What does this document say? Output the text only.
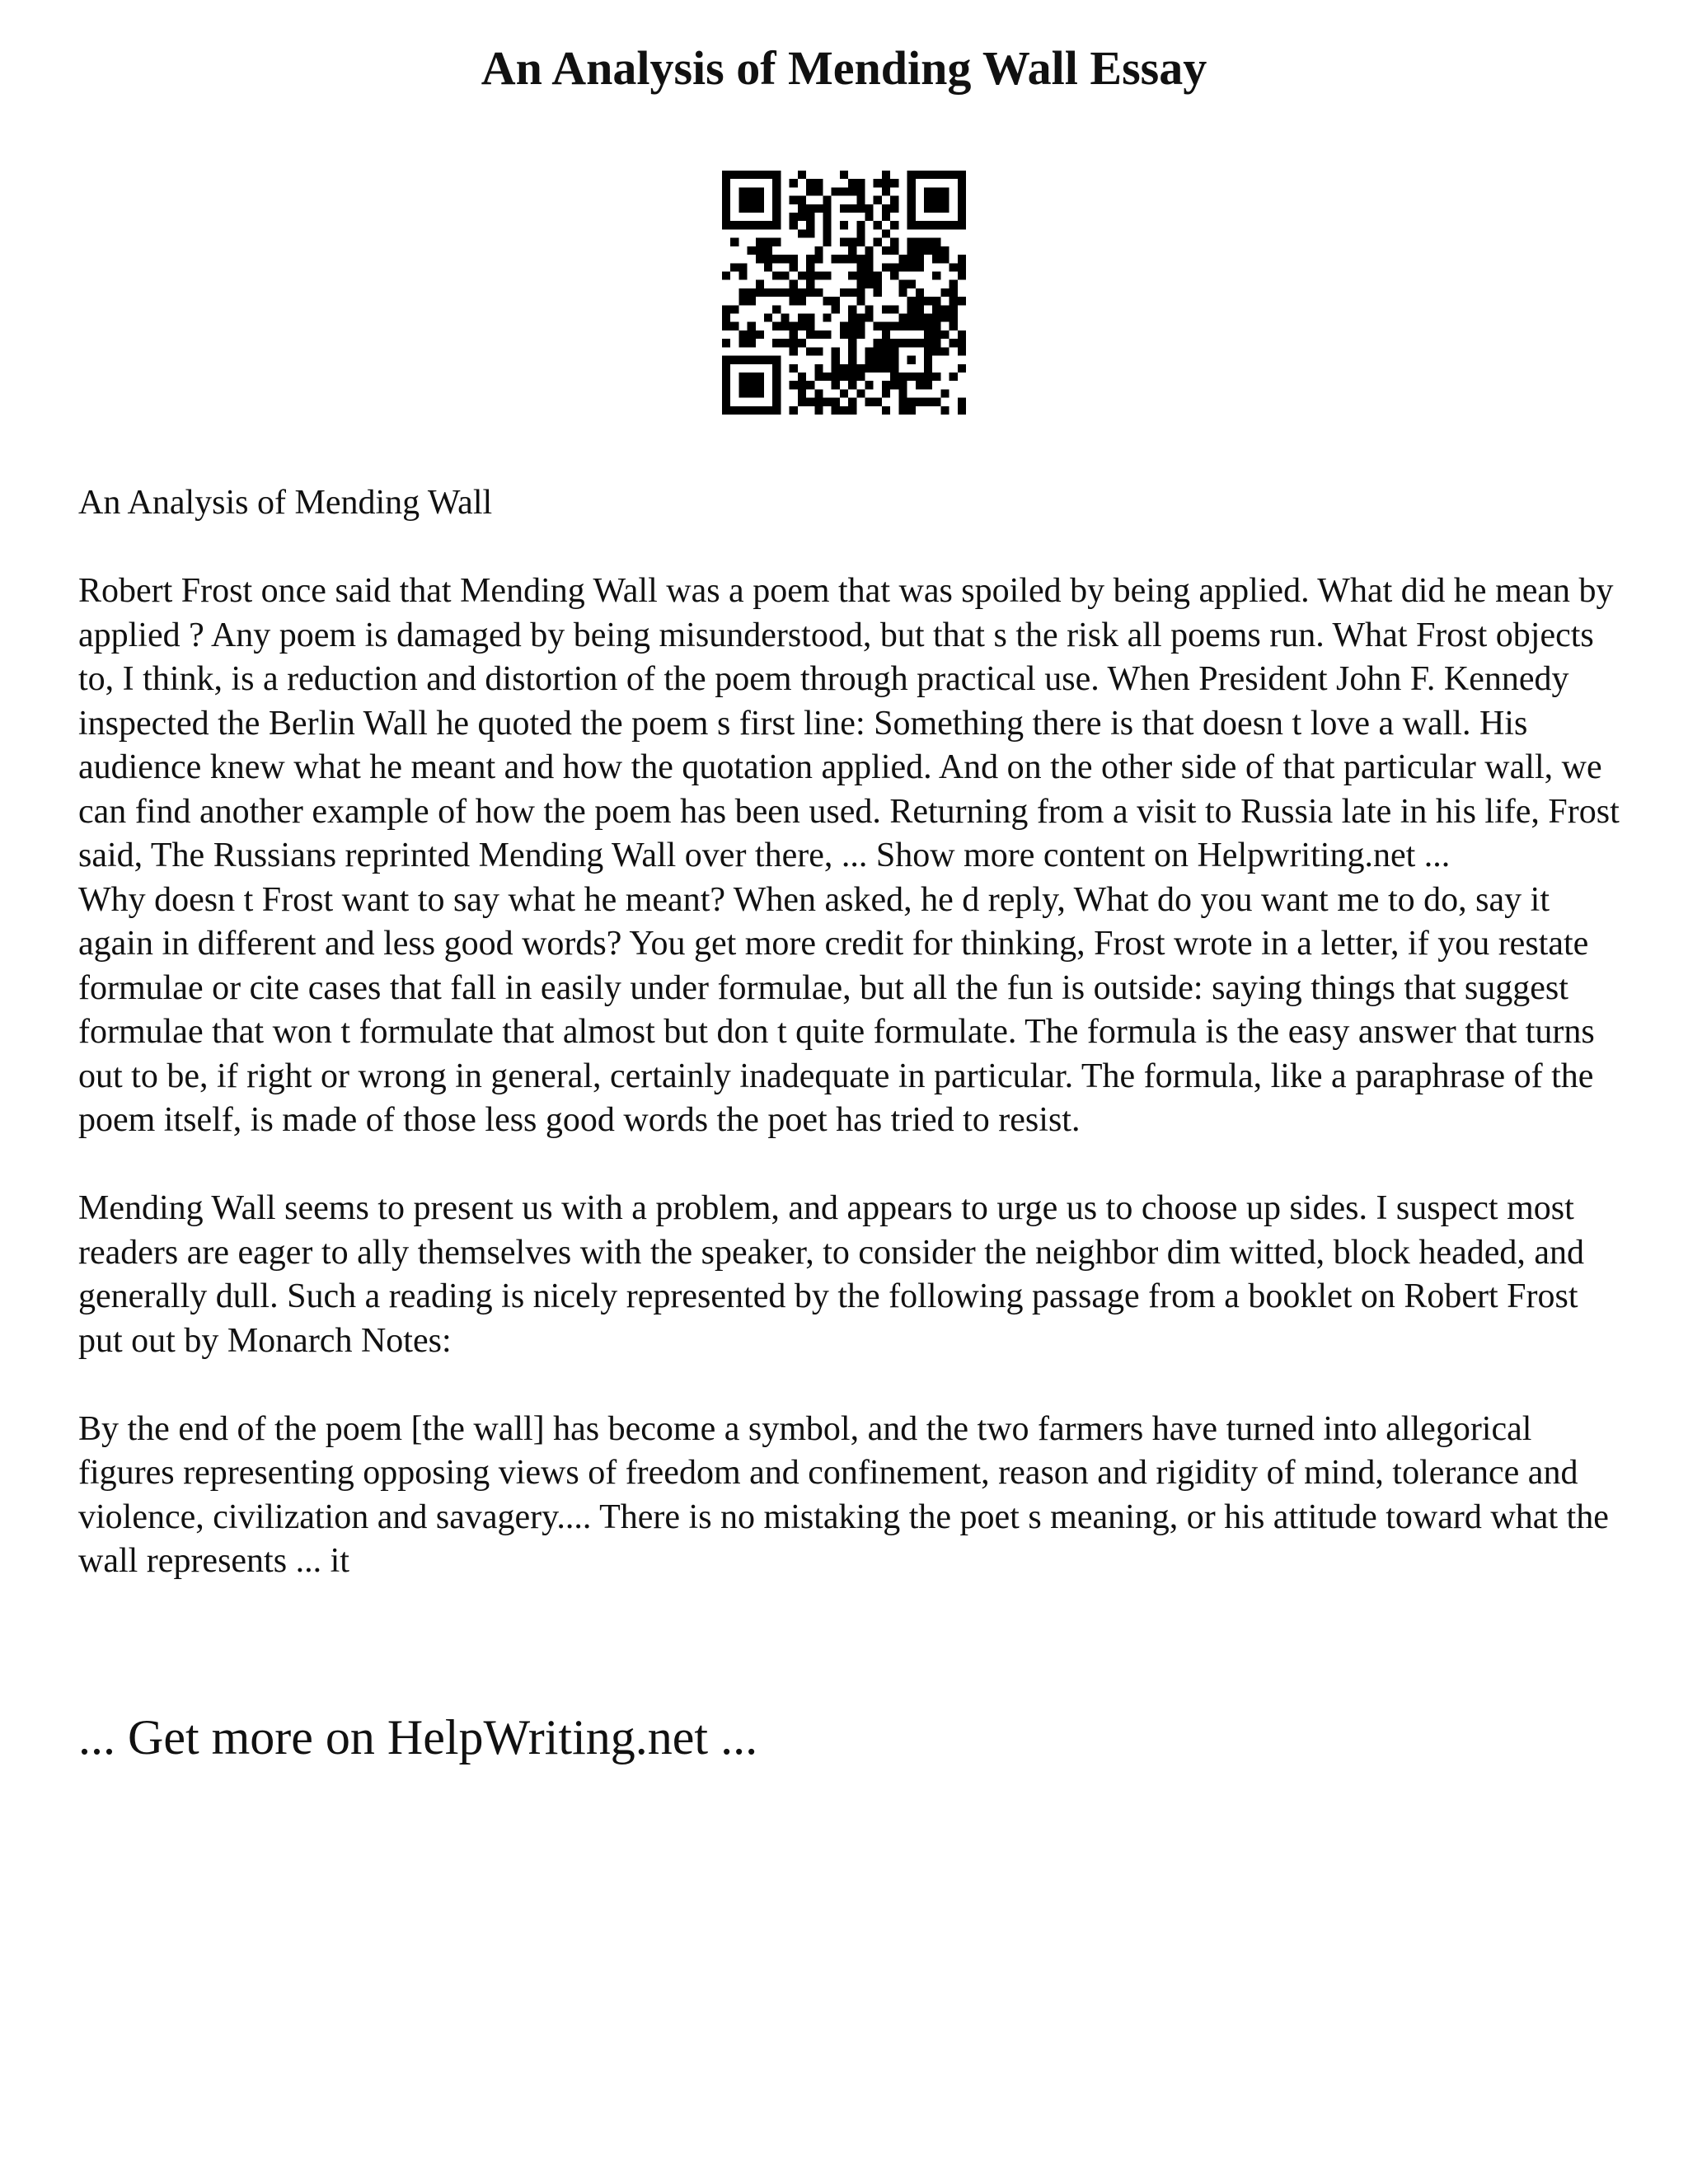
An Analysis of Mending Wall Essay

An Analysis of Mending Wall

Robert Frost once said that Mending Wall was a poem that was spoiled by being applied. What did he mean by applied ? Any poem is damaged by being misunderstood, but that s the risk all poems run. What Frost objects to, I think, is a reduction and distortion of the poem through practical use. When President John F. Kennedy inspected the Berlin Wall he quoted the poem s first line: Something there is that doesn t love a wall. His audience knew what he meant and how the quotation applied. And on the other side of that particular wall, we can find another example of how the poem has been used. Returning from a visit to Russia late in his life, Frost said, The Russians reprinted Mending Wall over there, ... Show more content on Helpwriting.net ...

Why doesn t Frost want to say what he meant? When asked, he d reply, What do you want me to do, say it again in different and less good words? You get more credit for thinking, Frost wrote in a letter, if you restate formulae or cite cases that fall in easily under formulae, but all the fun is outside: saying things that suggest formulae that won t formulate that almost but don t quite formulate. The formula is the easy answer that turns out to be, if right or wrong in general, certainly inadequate in particular. The formula, like a paraphrase of the poem itself, is made of those less good words the poet has tried to resist.

Mending Wall seems to present us with a problem, and appears to urge us to choose up sides. I suspect most readers are eager to ally themselves with the speaker, to consider the neighbor dim witted, block headed, and generally dull. Such a reading is nicely represented by the following passage from a booklet on Robert Frost put out by Monarch Notes:

By the end of the poem [the wall] has become a symbol, and the two farmers have turned into allegorical figures representing opposing views of freedom and confinement, reason and rigidity of mind, tolerance and violence, civilization and savagery.... There is no mistaking the poet s meaning, or his attitude toward what the wall represents ... it

... Get more on HelpWriting.net ...
